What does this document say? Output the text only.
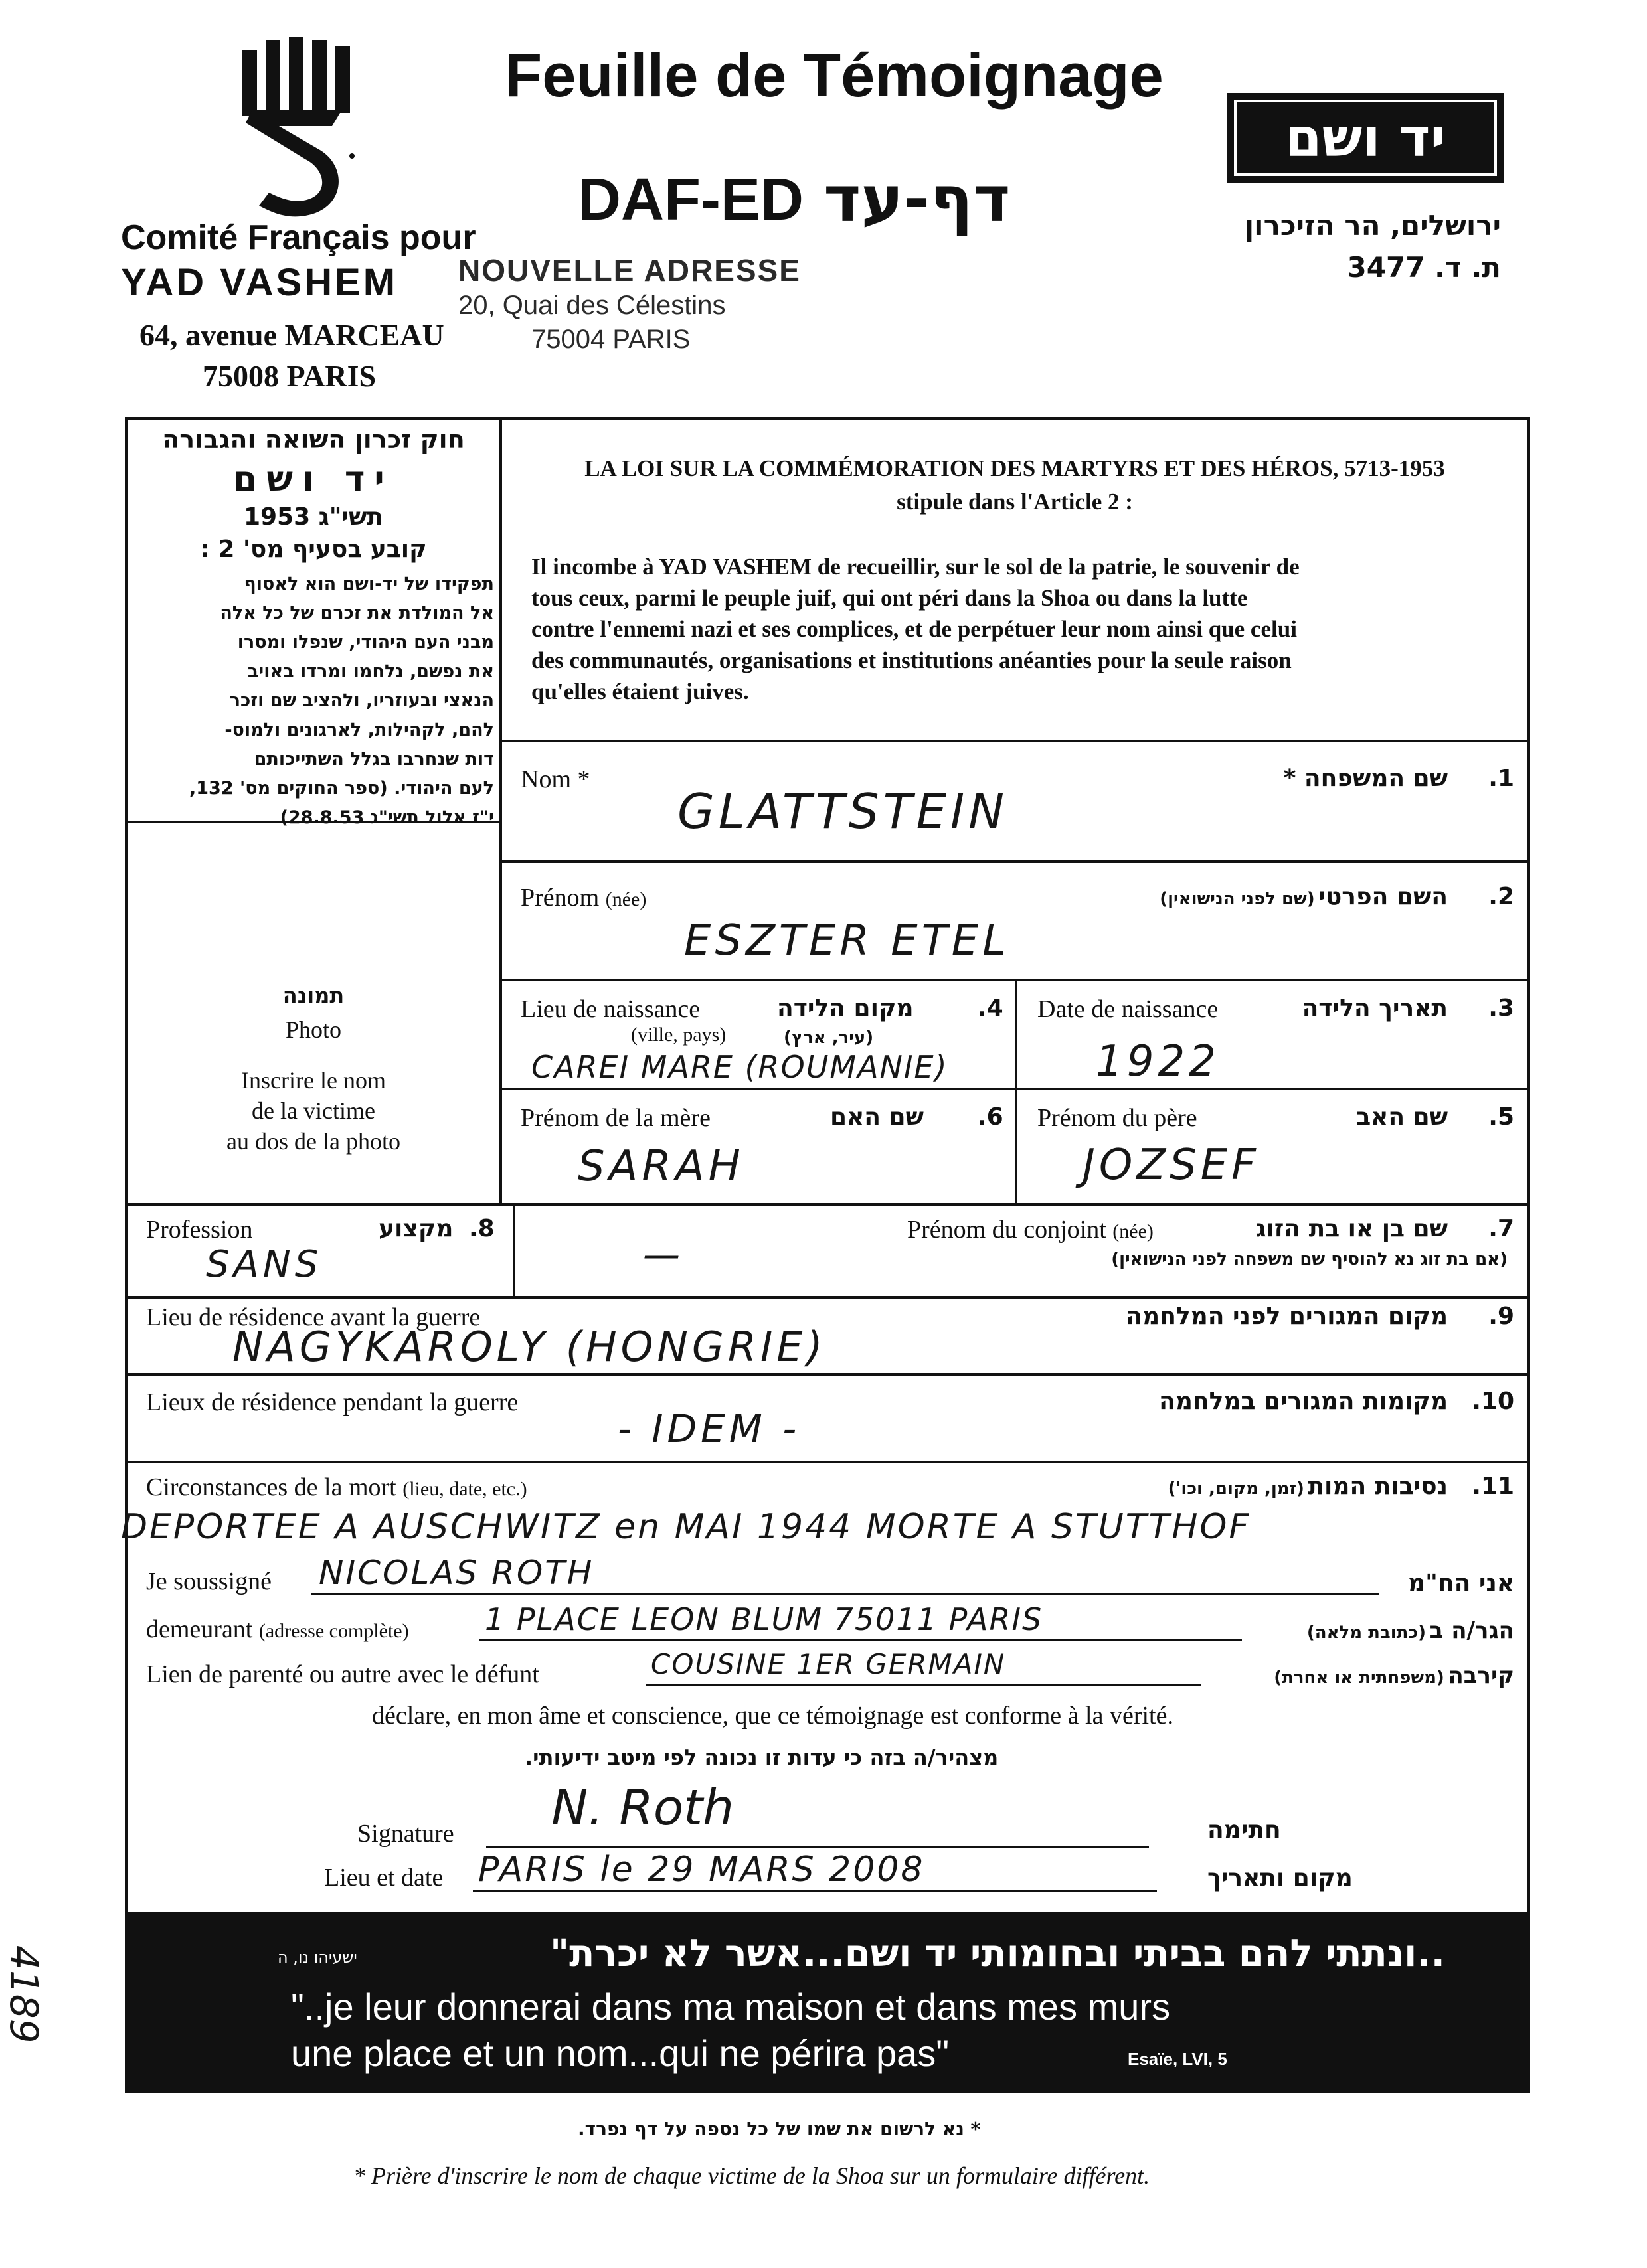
Feuille de Témoignage
DAF-ED דף-עד
Comité Français pour
YAD VASHEM
64, avenue MARCEAU
75008 PARIS
NOUVELLE ADRESSE
20, Quai des Célestins
75004 PARIS
יד ושם
ירושלים, הר הזיכרון
ת. ד. 3477
חוק זכרון השואה והגבורה
יד ושם
תשי"ג 1953
קובע בסעיף מס' 2 :
תפקידו של יד-ושם הוא לאסוף
אל המולדת את זכרם של כל אלה
מבני העם היהודי, שנפלו ומסרו
את נפשם, נלחמו ומרדו באויב
הנאצי ובעוזריו, ולהציב שם וזכר
להם, לקהילות, לארגונים ולמוס-
דות שנחרבו בגלל השתייכותם
לעם היהודי. (ספר החוקים מס' 132,
י"ז אלול תשי"ג 28.8.53)
LA LOI SUR LA COMMÉMORATION DES MARTYRS ET DES HÉROS, 5713-1953
stipule dans l'Article 2 :
Il incombe à YAD VASHEM de recueillir, sur le sol de la patrie, le souvenir de
tous ceux, parmi le peuple juif, qui ont péri dans la Shoa ou dans la lutte
contre l'ennemi nazi et ses complices, et de perpétuer leur nom ainsi que celui
des communautés, organisations et institutions anéanties pour la seule raison
qu'elles étaient juives.
תמונה
Photo
Inscrire le nom
de la victime
au dos de la photo
Nom *	שם המשפחה * .1
GLATTSTEIN
Prénom (née)	השם הפרטי (שם לפני הנישואין)	.2
ESZTER ETEL
Lieu de naissance
(ville, pays)
מקום הלידה
(עיר, ארץ)
.4
CAREI MARE (ROUMANIE)
Date de naissance	תאריך הלידה .3
1922
Prénom de la mère	שם האם .6
SARAH
Prénom du père	שם האב .5
JOZSEF
Profession	מקצוע .8
SANS
Prénom du conjoint (née)	שם בן או בת הזוג .7
(אם בת זוג נא להוסיף שם משפחה לפני הנישואין)
—
Lieu de résidence avant la guerre	מקום המגורים לפני המלחמה .9
NAGYKAROLY (HONGRIE)
Lieux de résidence pendant la guerre	מקומות המגורים במלחמה .10
- IDEM -
Circonstances de la mort (lieu, date, etc.)	נסיבות המות (זמן, מקום, וכו')	.11
DEPORTEE A AUSCHWITZ en MAI 1944 MORTE A STUTTHOF
Je soussigné NICOLAS ROTH	אני הח"מ
demeurant (adresse complète) 1 PLACE LEON BLUM 75011 PARIS	הגר/ה ב (כתובת מלאה)
Lien de parenté ou autre avec le défunt	COUSINE 1ER GERMAIN	קירבה (משפחתית או אחרת)
déclare, en mon âme et conscience, que ce témoignage est conforme à la vérité.
מצהיר/ה בזה כי עדות זו נכונה לפי מיטב ידיעותי.
Signature N. Roth	חתימה
Lieu et date PARIS le 29 MARS 2008	מקום ותאריך
..ונתתי להם בביתי ובחומותי יד ושם...אשר לא יכרת"
ישעיהו נו, ה
"..je leur donnerai dans ma maison et dans mes murs
une place et un nom...qui ne périra pas"	Esaïe, LVI, 5
* נא לרשום את שמו של כל נספה על דף נפרד.
* Prière d'inscrire le nom de chaque victime de la Shoa sur un formulaire différent.
4189
